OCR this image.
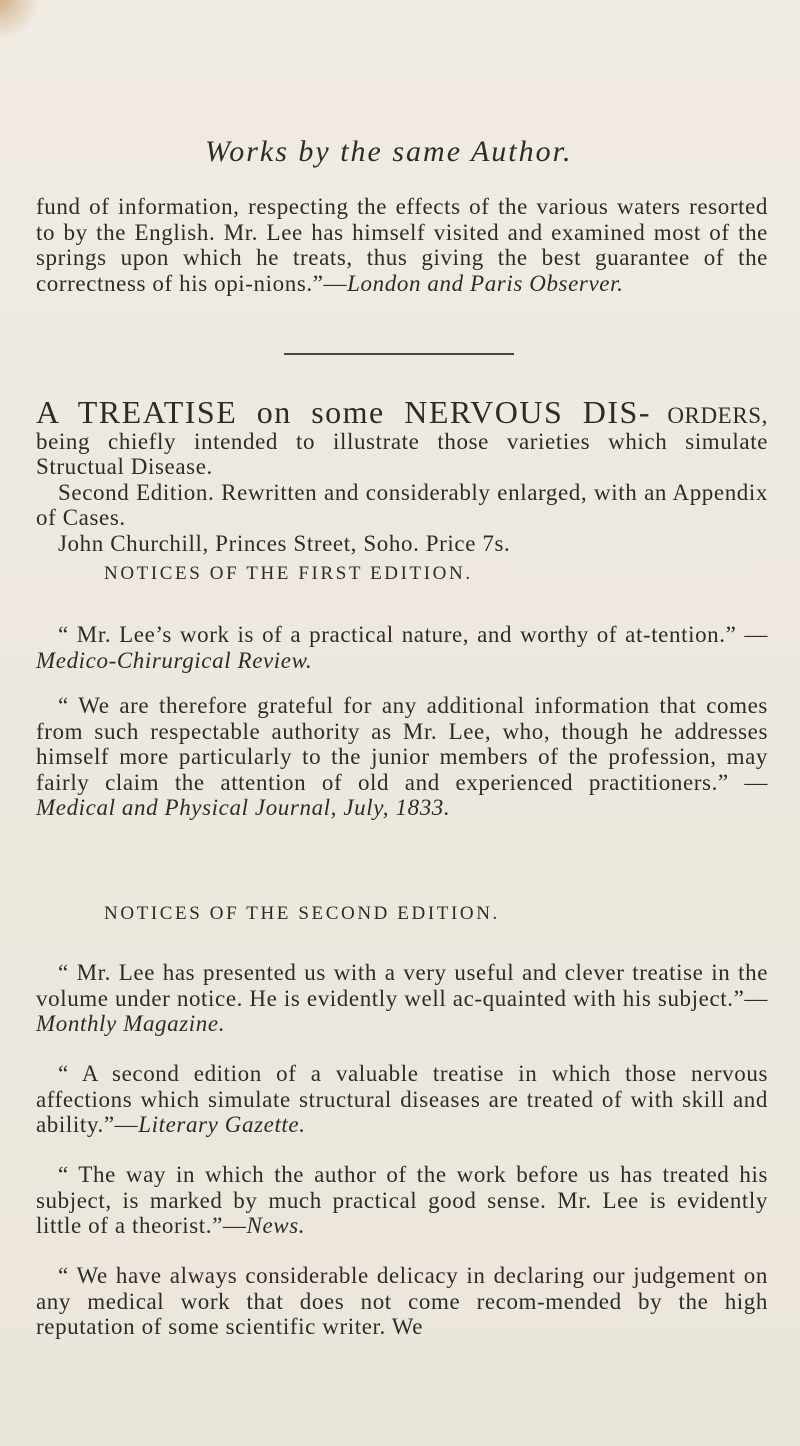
Works by the same Author.
fund of information, respecting the effects of the various waters resorted to by the English. Mr. Lee has himself visited and examined most of the springs upon which he treats, thus giving the best guarantee of the correctness of his opi-nions.”—London and Paris Observer.
A TREATISE on some NERVOUS DIS- ORDERS, being chiefly intended to illustrate those varieties which simulate Structual Disease.
Second Edition. Rewritten and considerably enlarged, with an Appendix of Cases.
John Churchill, Princes Street, Soho. Price 7s.
NOTICES OF THE FIRST EDITION.
“ Mr. Lee’s work is of a practical nature, and worthy of at-tention.” — Medico-Chirurgical Review.
“ We are therefore grateful for any additional information that comes from such respectable authority as Mr. Lee, who, though he addresses himself more particularly to the junior members of the profession, may fairly claim the attention of old and experienced practitioners.” — Medical and Physical Journal, July, 1833.
NOTICES OF THE SECOND EDITION.
“ Mr. Lee has presented us with a very useful and clever treatise in the volume under notice. He is evidently well ac-quainted with his subject.”—Monthly Magazine.
“ A second edition of a valuable treatise in which those nervous affections which simulate structural diseases are treated of with skill and ability.”—Literary Gazette.
“ The way in which the author of the work before us has treated his subject, is marked by much practical good sense. Mr. Lee is evidently little of a theorist.”—News.
“ We have always considerable delicacy in declaring our judgement on any medical work that does not come recom-mended by the high reputation of some scientific writer. We
